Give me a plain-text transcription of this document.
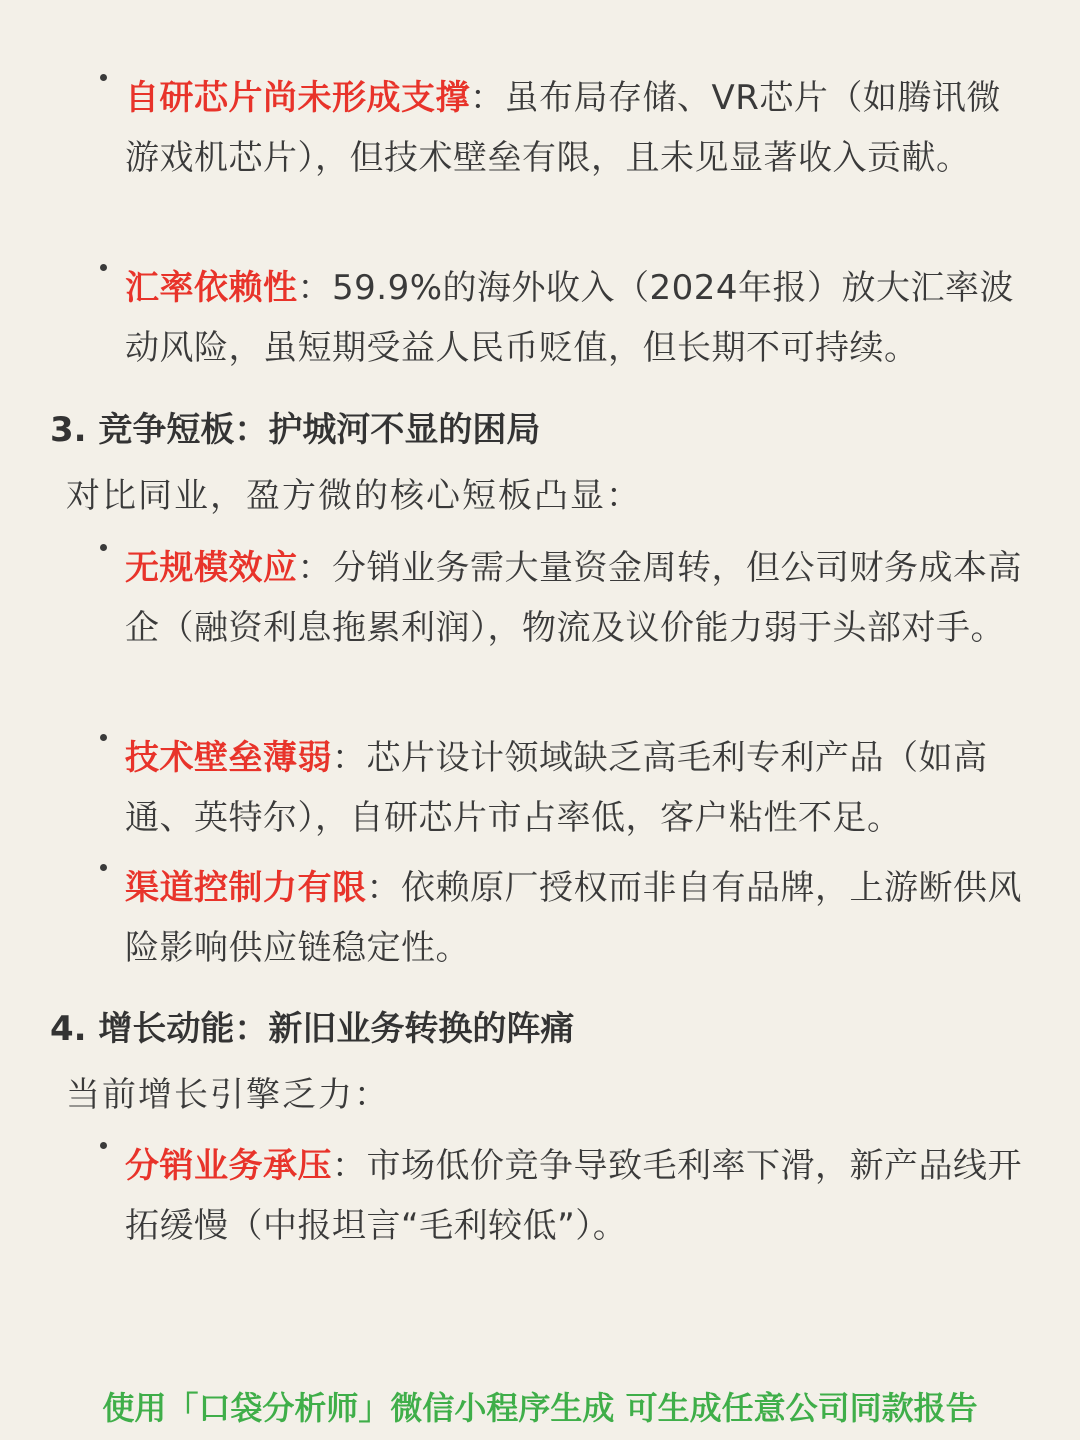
自研芯片尚未形成支撑：虽布局存储、VR芯片（如腾讯微游戏机芯片），但技术壁垒有限，且未见显著收入贡献。

汇率依赖性：59.9%的海外收入（2024年报）放大汇率波动风险，虽短期受益人民币贬值，但长期不可持续。

3. 竞争短板：护城河不显的困局

对比同业，盈方微的核心短板凸显：

无规模效应：分销业务需大量资金周转，但公司财务成本高企（融资利息拖累利润），物流及议价能力弱于头部对手。

技术壁垒薄弱：芯片设计领域缺乏高毛利专利产品（如高通、英特尔），自研芯片市占率低，客户粘性不足。

渠道控制力有限：依赖原厂授权而非自有品牌，上游断供风险影响供应链稳定性。

4. 增长动能：新旧业务转换的阵痛

当前增长引擎乏力：

分销业务承压：市场低价竞争导致毛利率下滑，新产品线开拓缓慢（中报坦言“毛利较低”）。

使用「口袋分析师」微信小程序生成 可生成任意公司同款报告
